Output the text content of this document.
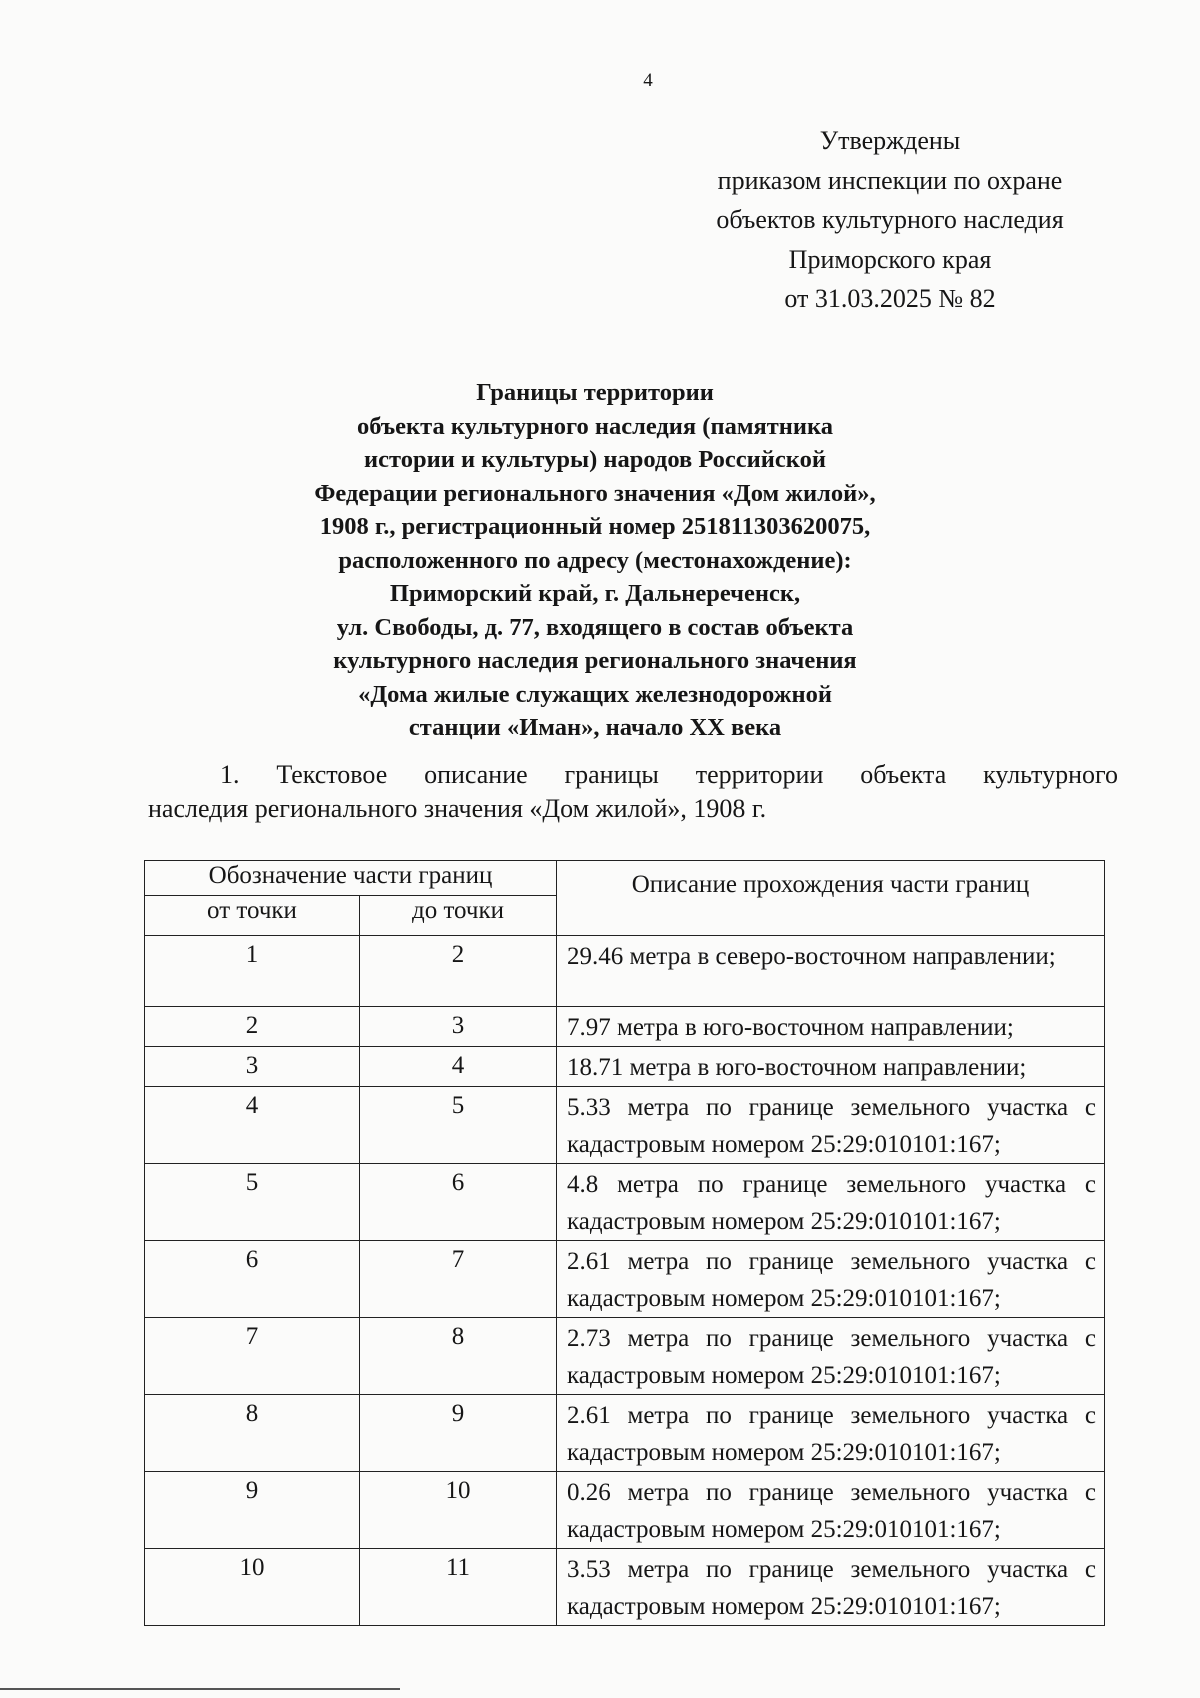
4
Утверждены
приказом инспекции по охране
объектов культурного наследия
Приморского края
от 31.03.2025 № 82
Границы территории
объекта культурного наследия (памятника
истории и культуры) народов Российской
Федерации регионального значения «Дом жилой»,
1908 г., регистрационный номер 251811303620075,
расположенного по адресу (местонахождение):
Приморский край, г. Дальнереченск,
ул. Свободы, д. 77, входящего в состав объекта
культурного наследия регионального значения
«Дома жилые служащих железнодорожной
станции «Иман», начало XX века
1. Текстовое описание границы территории объекта культурного
наследия регионального значения «Дом жилой», 1908 г.
Обозначение части границ		Описание прохождения части границ
от точки	до точки	
1	2	29.46 метра в северо-восточном направлении;
2	3	7.97 метра в юго-восточном направлении;
3	4	18.71 метра в юго-восточном направлении;
4	5	5.33 метра по границе земельного участка с кадастровым номером 25:29:010101:167;
5	6	4.8 метра по границе земельного участка с кадастровым номером 25:29:010101:167;
6	7	2.61 метра по границе земельного участка с кадастровым номером 25:29:010101:167;
7	8	2.73 метра по границе земельного участка с кадастровым номером 25:29:010101:167;
8	9	2.61 метра по границе земельного участка с кадастровым номером 25:29:010101:167;
9	10	0.26 метра по границе земельного участка с кадастровым номером 25:29:010101:167;
10	11	3.53 метра по границе земельного участка с кадастровым номером 25:29:010101:167;
